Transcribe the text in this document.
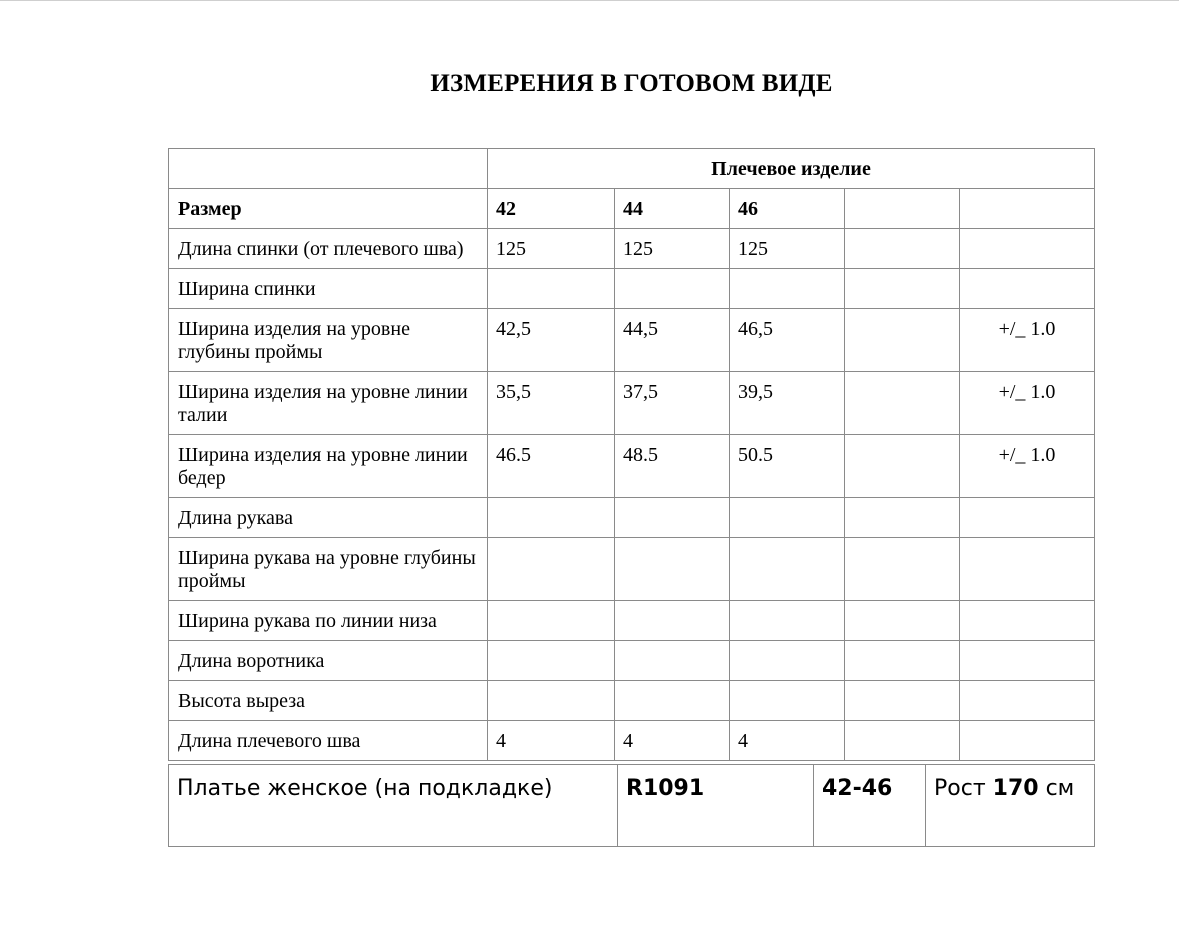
ИЗМЕРЕНИЯ В ГОТОВОМ ВИДЕ
	Плечевое изделие				
Размер	42	44	46		

Длина спинки (от плечевого шва)	125	125	125		
Ширина спинки					
Ширина изделия на уровне глубины проймы	42,5	44,5	46,5		+/_ 1.0
Ширина изделия на уровне линии талии	35,5	37,5	39,5		+/_ 1.0
Ширина изделия на уровне линии бедер	46.5	48.5	50.5		+/_ 1.0
Длина рукава					
Ширина рукава на уровне глубины проймы					
Ширина рукава по линии низа					
Длина воротника					
Высота выреза					
Длина плечевого шва	4	4	4		
Платье женское (на подкладке)	R1091	42-46	Рост 170 см
